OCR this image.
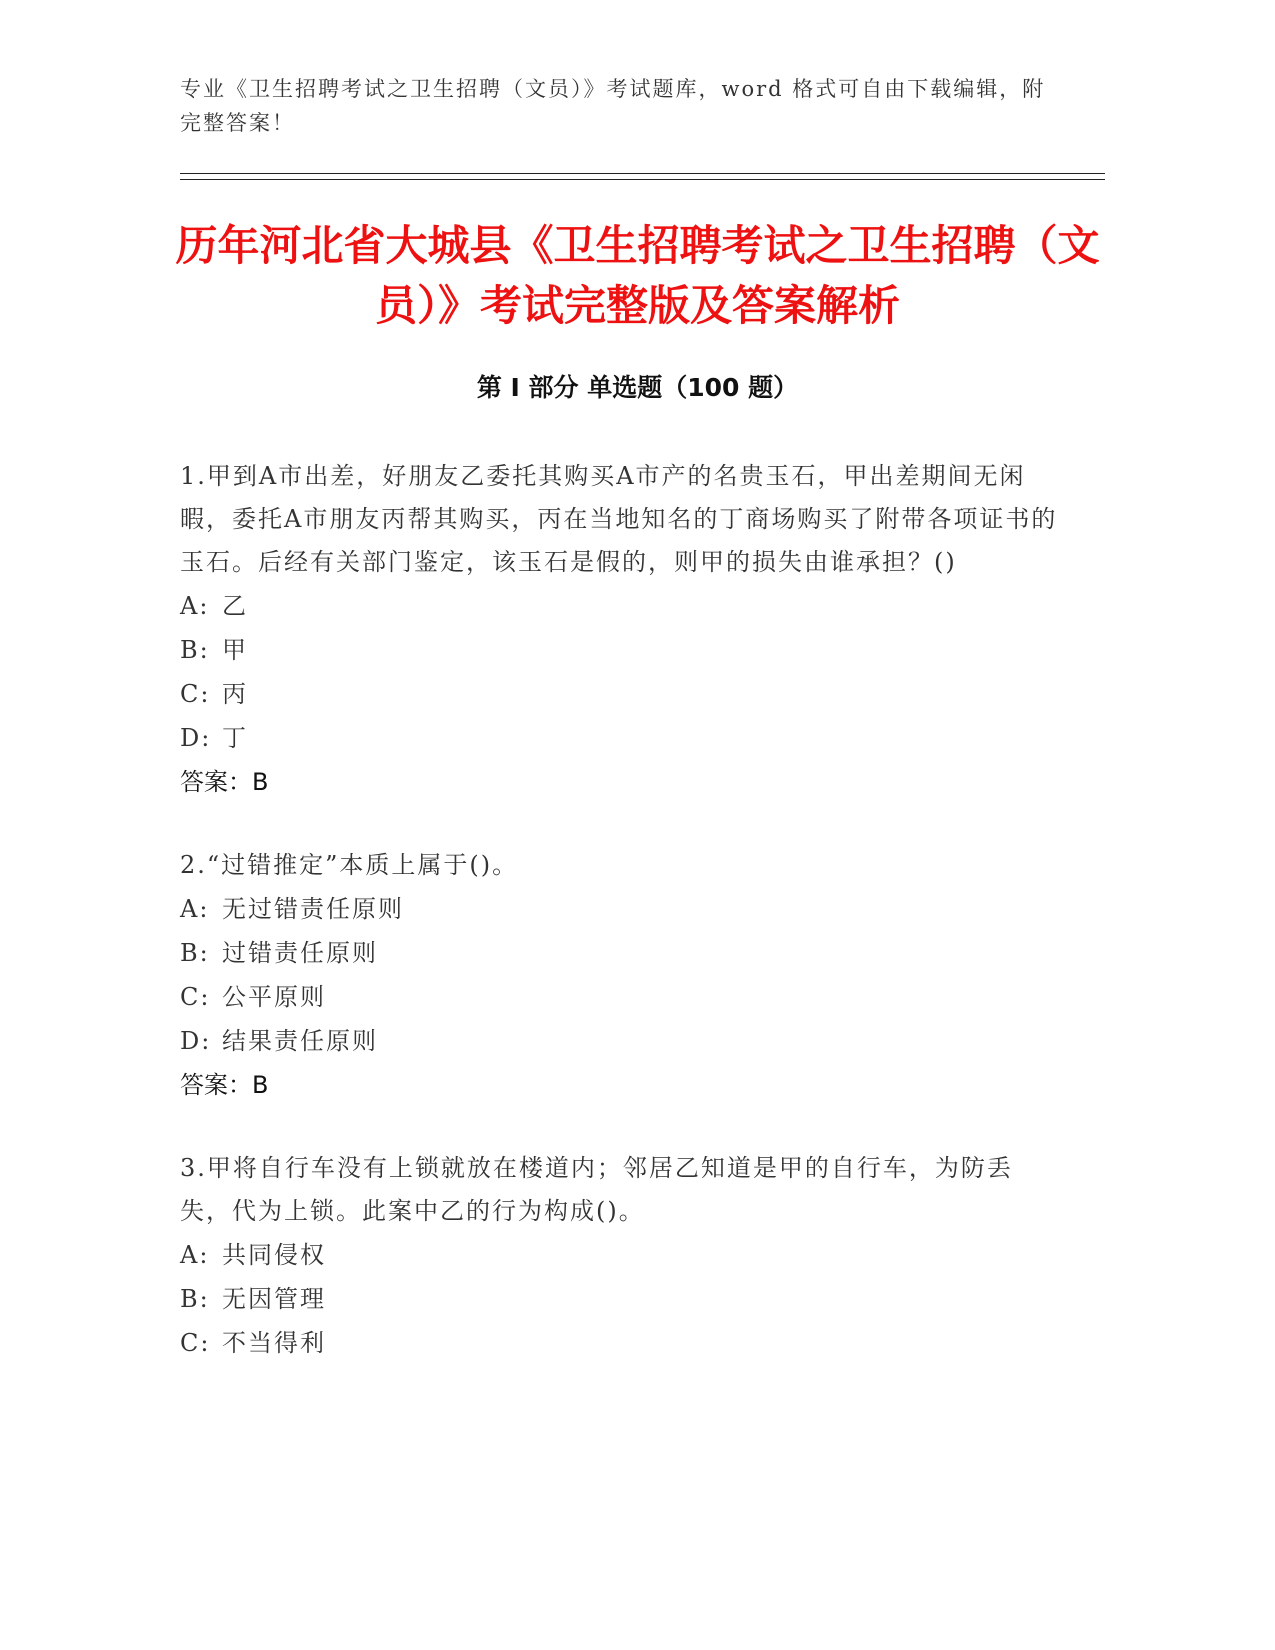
专业《卫生招聘考试之卫生招聘（文员）》考试题库，word 格式可自由下载编辑，附完整答案！
历年河北省大城县《卫生招聘考试之卫生招聘（文员）》考试完整版及答案解析
第 I 部分 单选题（100 题）
1.甲到A市出差，好朋友乙委托其购买A市产的名贵玉石，甲出差期间无闲暇，委托A市朋友丙帮其购买，丙在当地知名的丁商场购买了附带各项证书的玉石。后经有关部门鉴定，该玉石是假的，则甲的损失由谁承担？()
A: 乙
B: 甲
C: 丙
D: 丁
答案：B
2.“过错推定”本质上属于()。
A: 无过错责任原则
B: 过错责任原则
C: 公平原则
D: 结果责任原则
答案：B
3.甲将自行车没有上锁就放在楼道内；邻居乙知道是甲的自行车，为防丢失，代为上锁。此案中乙的行为构成()。
A: 共同侵权
B: 无因管理
C: 不当得利
